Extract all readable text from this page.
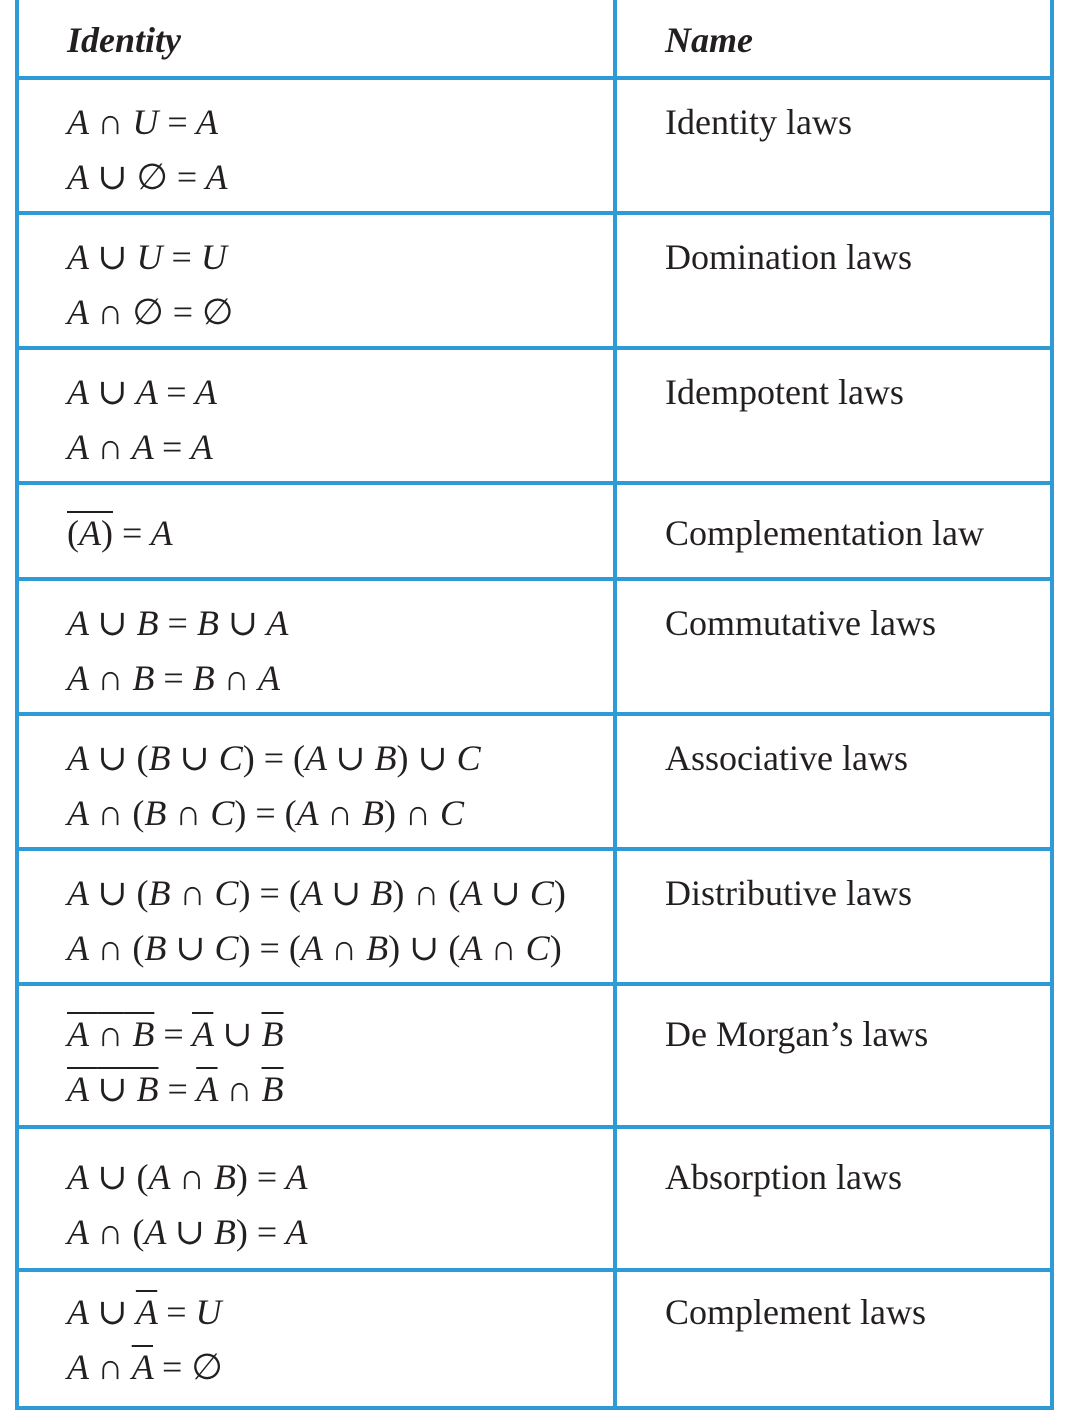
Identity	Name
A ∩ U = A
A ∪ ∅ = A
Identity laws
A ∪ U = U
A ∩ ∅ = ∅
Domination laws
A ∪ A = A
A ∩ A = A
Idempotent laws
(A) = A	Complementation law
A ∪ B = B ∪ A
A ∩ B = B ∩ A
Commutative laws
A ∪ (B ∪ C) = (A ∪ B) ∪ C
A ∩ (B ∩ C) = (A ∩ B) ∩ C
Associative laws
A ∪ (B ∩ C) = (A ∪ B) ∩ (A ∪ C)
A ∩ (B ∪ C) = (A ∩ B) ∪ (A ∩ C)
Distributive laws
A ∩ $B = \overline{A}$ ∪ $\overline{B}$
A ∪ $B = \overline{A}$ ∩ $\overline{B}$
De Morgan’s laws
A ∪ (A ∩ B) = A
A ∩ (A ∪ B) = A
Absorption laws
A ∪ $\overline{A} = U$
A ∩ $\overline{A}$ = ∅
Complement laws
